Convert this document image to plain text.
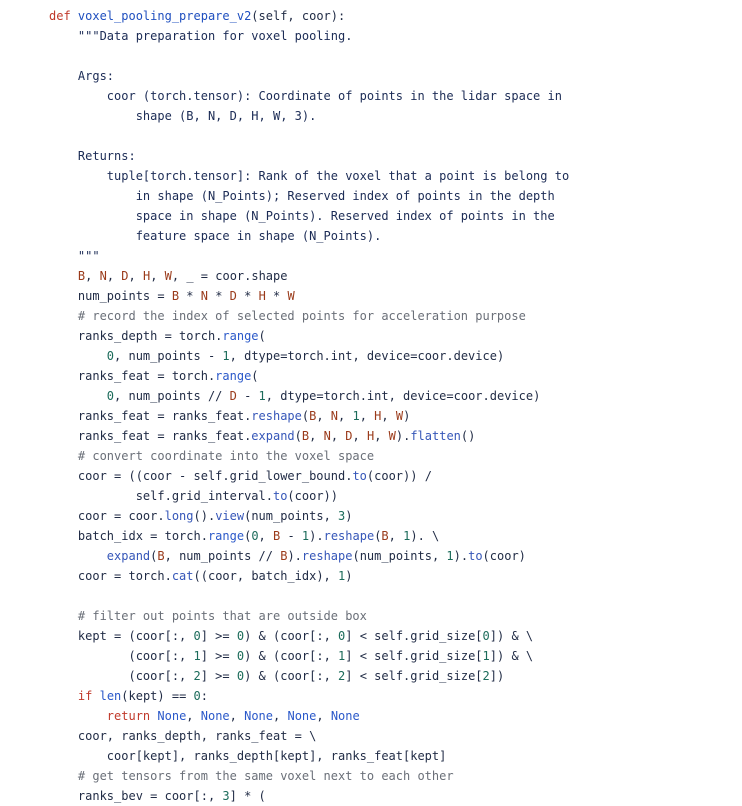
def voxel_pooling_prepare_v2(self, coor):
"""Data preparation for voxel pooling.
Args:
coor (torch.tensor): Coordinate of points in the lidar space in
shape (B, N, D, H, W, 3).
Returns:
tuple[torch.tensor]: Rank of the voxel that a point is belong to
in shape (N_Points); Reserved index of points in the depth
space in shape (N_Points). Reserved index of points in the
feature space in shape (N_Points).
"""
B, N, D, H, W, _ = coor.shape
num_points = B * N * D * H * W
# record the index of selected points for acceleration purpose
ranks_depth = torch.range(
0, num_points - 1, dtype=torch.int, device=coor.device)
ranks_feat = torch.range(
0, num_points // D - 1, dtype=torch.int, device=coor.device)
ranks_feat = ranks_feat.reshape(B, N, 1, H, W)
ranks_feat = ranks_feat.expand(B, N, D, H, W).flatten()
# convert coordinate into the voxel space
coor = ((coor - self.grid_lower_bound.to(coor)) /
self.grid_interval.to(coor))
coor = coor.long().view(num_points, 3)
batch_idx = torch.range(0, B - 1).reshape(B, 1). \
expand(B, num_points // B).reshape(num_points, 1).to(coor)
coor = torch.cat((coor, batch_idx), 1)
# filter out points that are outside box
kept = (coor[:, 0] >= 0) & (coor[:, 0] < self.grid_size[0]) & \
(coor[:, 1] >= 0) & (coor[:, 1] < self.grid_size[1]) & \
(coor[:, 2] >= 0) & (coor[:, 2] < self.grid_size[2])
if len(kept) == 0:
return None, None, None, None, None
coor, ranks_depth, ranks_feat = \
coor[kept], ranks_depth[kept], ranks_feat[kept]
# get tensors from the same voxel next to each other
ranks_bev = coor[:, 3] * (
